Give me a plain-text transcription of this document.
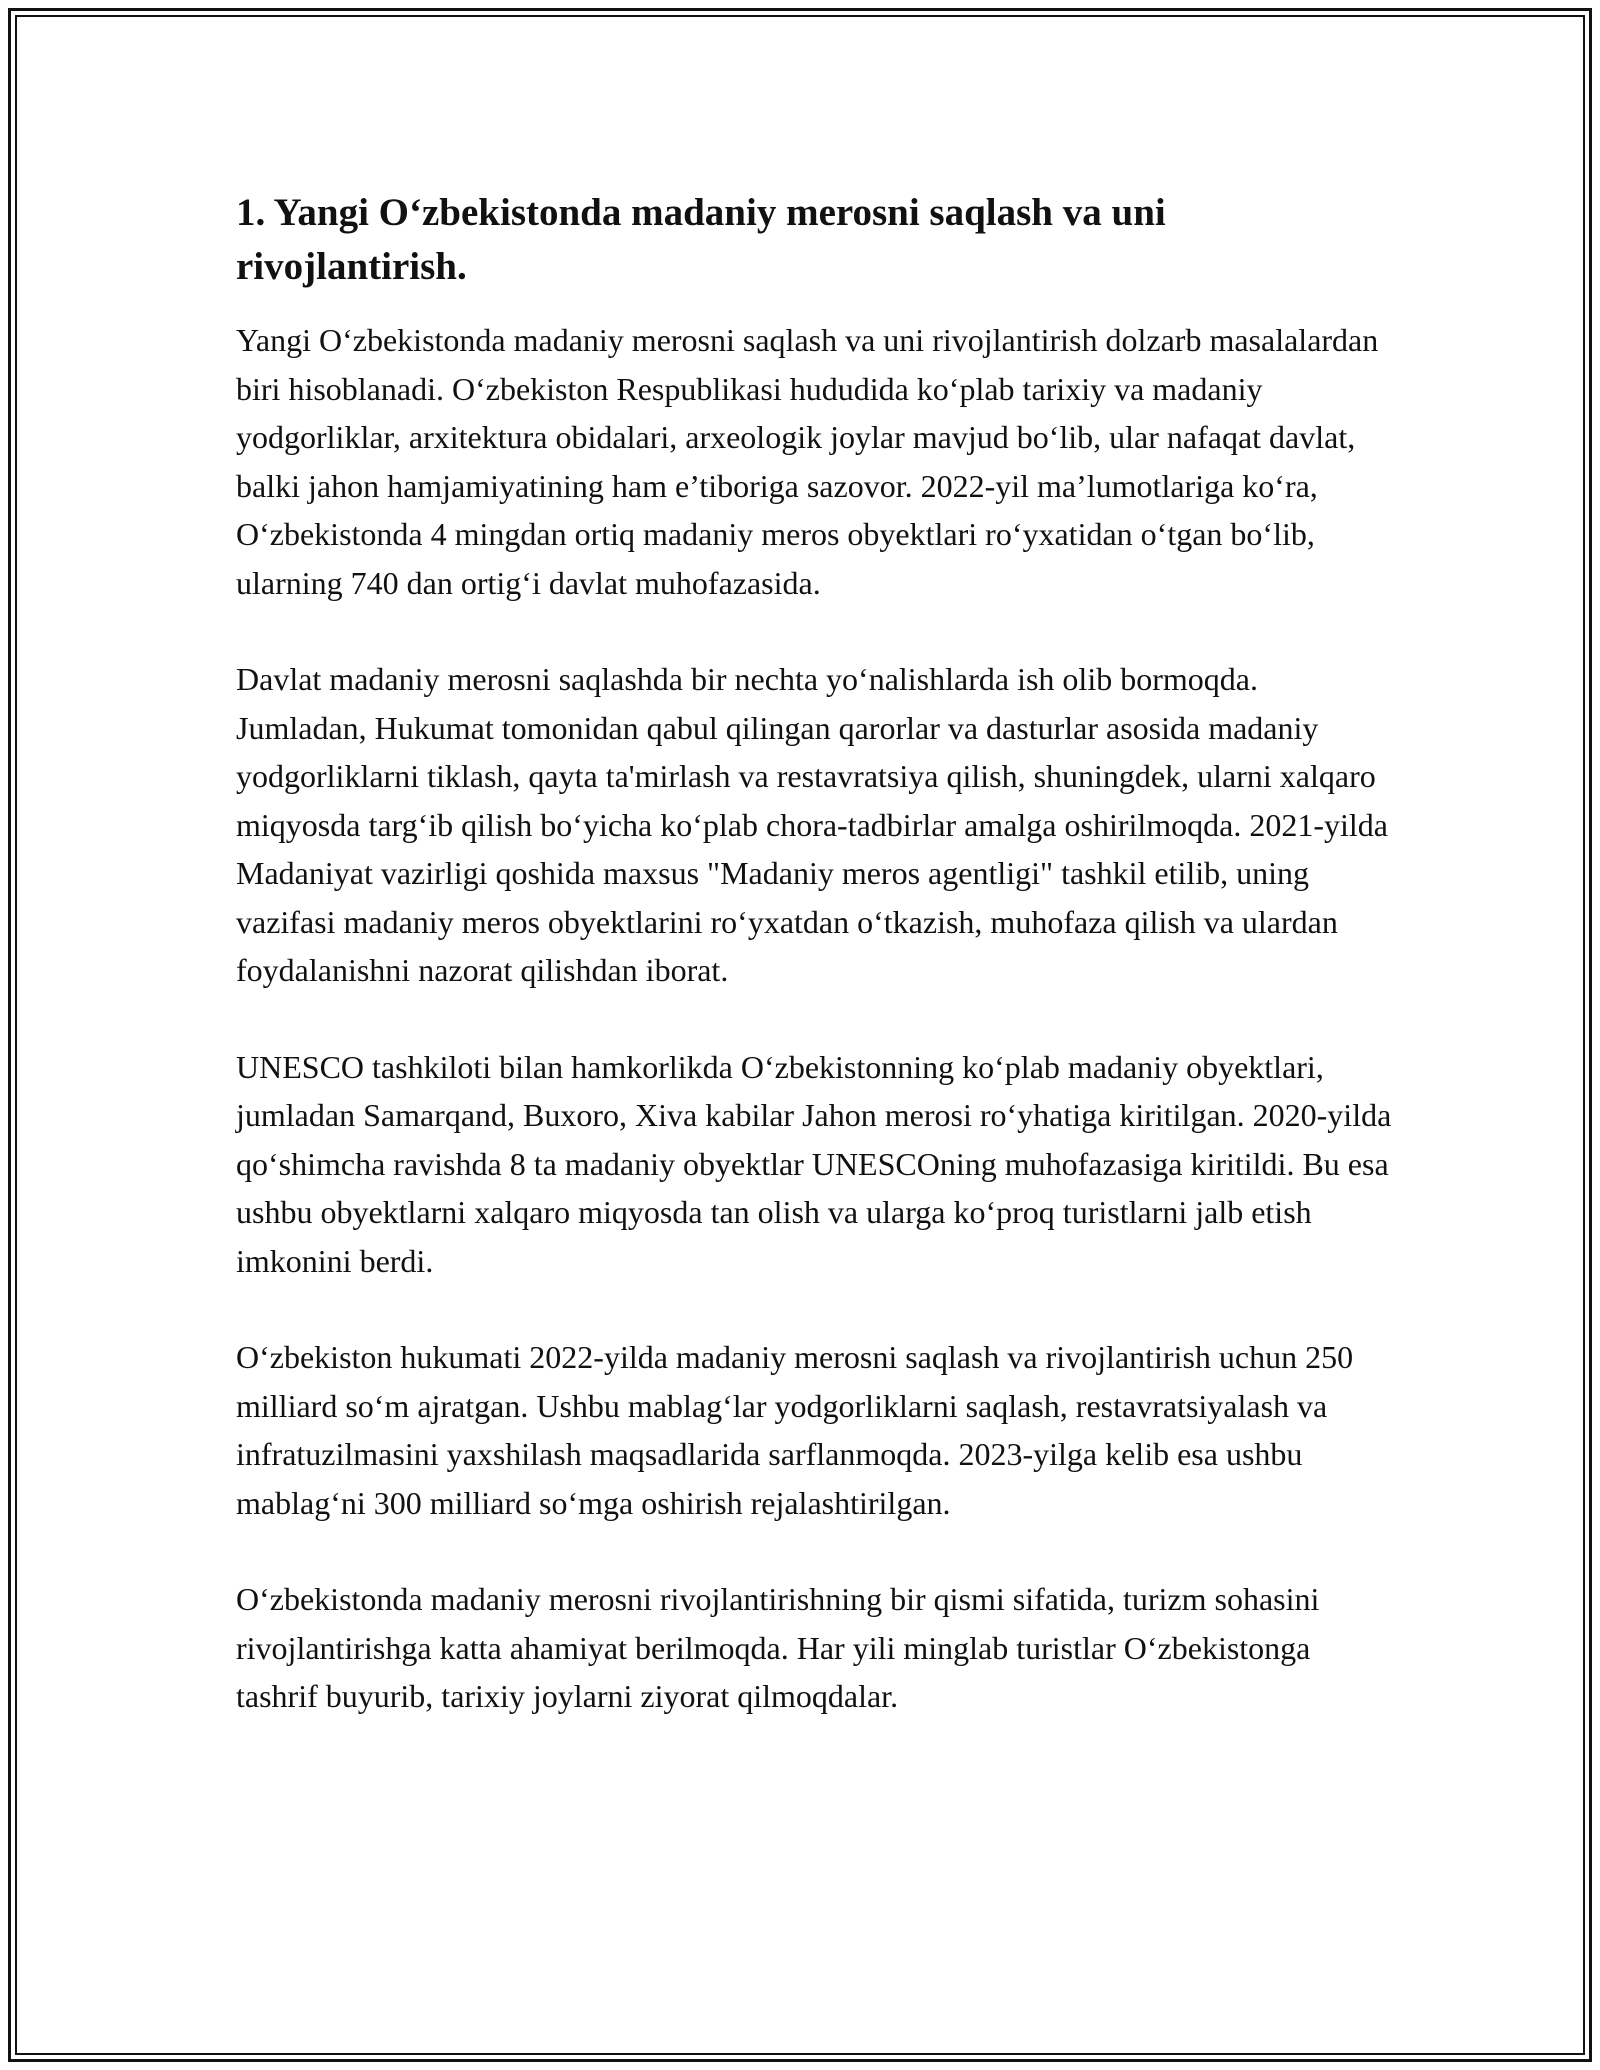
1. Yangi O‘zbekistonda madaniy merosni saqlash va uni rivojlantirish.

Yangi O‘zbekistonda madaniy merosni saqlash va uni rivojlantirish dolzarb masalalardan biri hisoblanadi. O‘zbekiston Respublikasi hududida ko‘plab tarixiy va madaniy yodgorliklar, arxitektura obidalari, arxeologik joylar mavjud bo‘lib, ular nafaqat davlat, balki jahon hamjamiyatining ham e’tiboriga sazovor. 2022-yil ma’lumotlariga ko‘ra, O‘zbekistonda 4 mingdan ortiq madaniy meros obyektlari ro‘yxatidan o‘tgan bo‘lib, ularning 740 dan ortig‘i davlat muhofazasida.

Davlat madaniy merosni saqlashda bir nechta yo‘nalishlarda ish olib bormoqda. Jumladan, Hukumat tomonidan qabul qilingan qarorlar va dasturlar asosida madaniy yodgorliklarni tiklash, qayta ta'mirlash va restavratsiya qilish, shuningdek, ularni xalqaro miqyosda targ‘ib qilish bo‘yicha ko‘plab chora-tadbirlar amalga oshirilmoqda. 2021-yilda Madaniyat vazirligi qoshida maxsus "Madaniy meros agentligi" tashkil etilib, uning vazifasi madaniy meros obyektlarini ro‘yxatdan o‘tkazish, muhofaza qilish va ulardan foydalanishni nazorat qilishdan iborat.

UNESCO tashkiloti bilan hamkorlikda O‘zbekistonning ko‘plab madaniy obyektlari, jumladan Samarqand, Buxoro, Xiva kabilar Jahon merosi ro‘yhatiga kiritilgan. 2020-yilda qo‘shimcha ravishda 8 ta madaniy obyektlar UNESCOning muhofazasiga kiritildi. Bu esa ushbu obyektlarni xalqaro miqyosda tan olish va ularga ko‘proq turistlarni jalb etish imkonini berdi.

O‘zbekiston hukumati 2022-yilda madaniy merosni saqlash va rivojlantirish uchun 250 milliard so‘m ajratgan. Ushbu mablag‘lar yodgorliklarni saqlash, restavratsiyalash va infratuzilmasini yaxshilash maqsadlarida sarflanmoqda. 2023-yilga kelib esa ushbu mablag‘ni 300 milliard so‘mga oshirish rejalashtirilgan.

O‘zbekistonda madaniy merosni rivojlantirishning bir qismi sifatida, turizm sohasini rivojlantirishga katta ahamiyat berilmoqda. Har yili minglab turistlar O‘zbekistonga tashrif buyurib, tarixiy joylarni ziyorat qilmoqdalar.
